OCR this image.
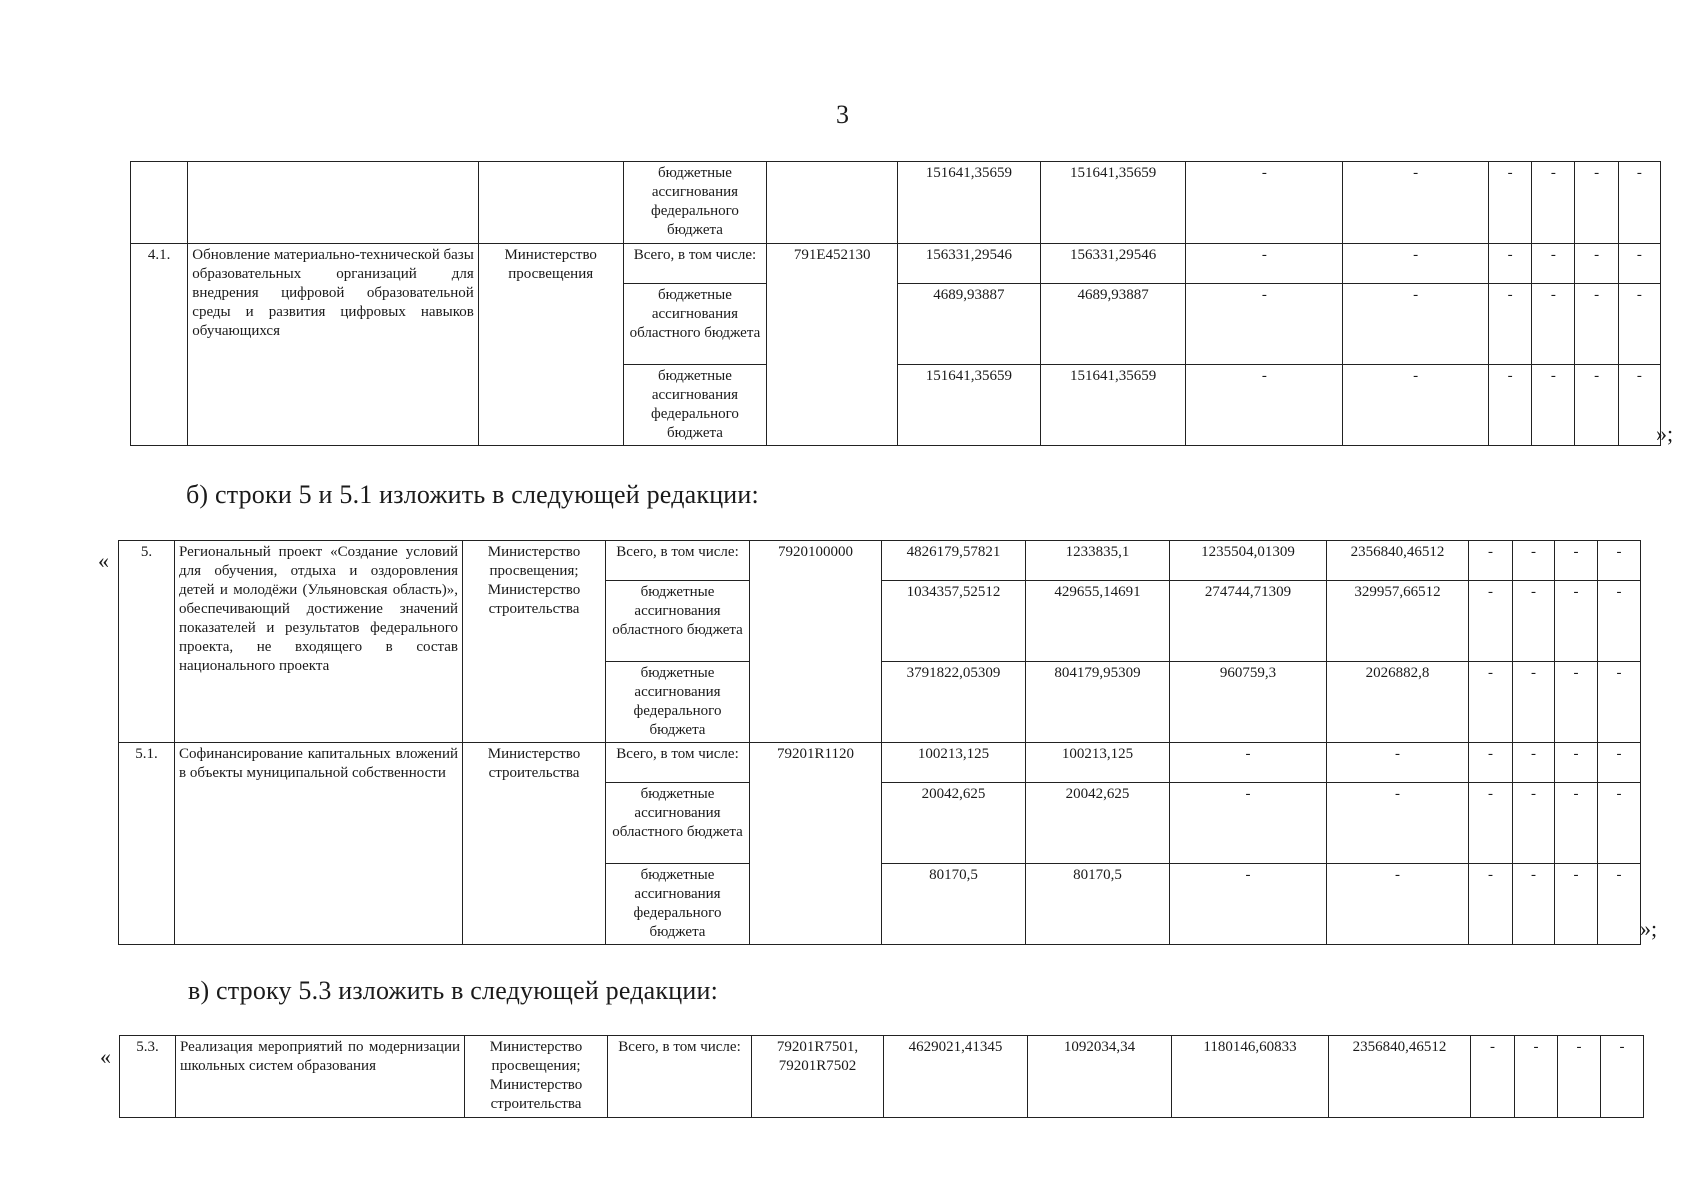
3
			бюджетные ассигнования федерального бюджета		151641,35659	151641,35659	-	-	-	-	-	-
4.1.	Обновление материально-технической базы образовательных организаций для внедрения цифровой образовательной среды и развития цифровых навыков обучающихся	Министерство просвещения	Всего, в том числе:	791E452130	156331,29546	156331,29546	-	-	-	-	-	-
			бюджетные ассигнования областного бюджета		4689,93887	4689,93887	-	-	-	-	-	-
			бюджетные ассигнования федерального бюджета		151641,35659	151641,35659	-	-	-	-	-	-
»;
б) строки 5 и 5.1 изложить в следующей редакции:
« 5.	Региональный проект «Создание условий для обучения, отдыха и оздоровления детей и молодёжи (Ульяновская область)», обеспечивающий достижение значений показателей и результатов федерального проекта, не входящего в состав национального проекта	Министерство просвещения; Министерство строительства	Всего, в том числе:	7920100000	4826179,57821	1233835,1	1235504,01309	2356840,46512	-	-	-	-
			бюджетные ассигнования областного бюджета		1034357,52512	429655,14691	274744,71309	329957,66512	-	-	-	-
			бюджетные ассигнования федерального бюджета		3791822,05309	804179,95309	960759,3	2026882,8	-	-	-	-
5.1.	Софинансирование капитальных вложений в объекты муниципальной собственности	Министерство строительства	Всего, в том числе:	79201R1120	100213,125	100213,125	-	-	-	-	-	-
			бюджетные ассигнования областного бюджета		20042,625	20042,625	-	-	-	-	-	-
			бюджетные ассигнования федерального бюджета		80170,5	80170,5	-	-	-	-	-	-
»;
в) строку 5.3 изложить в следующей редакции:
« 5.3.	Реализация мероприятий по модернизации школьных систем образования	Министерство просвещения; Министерство строительства	Всего, в том числе:	79201R7501, 79201R7502	4629021,41345	1092034,34	1180146,60833	2356840,46512	-	-	-	-
